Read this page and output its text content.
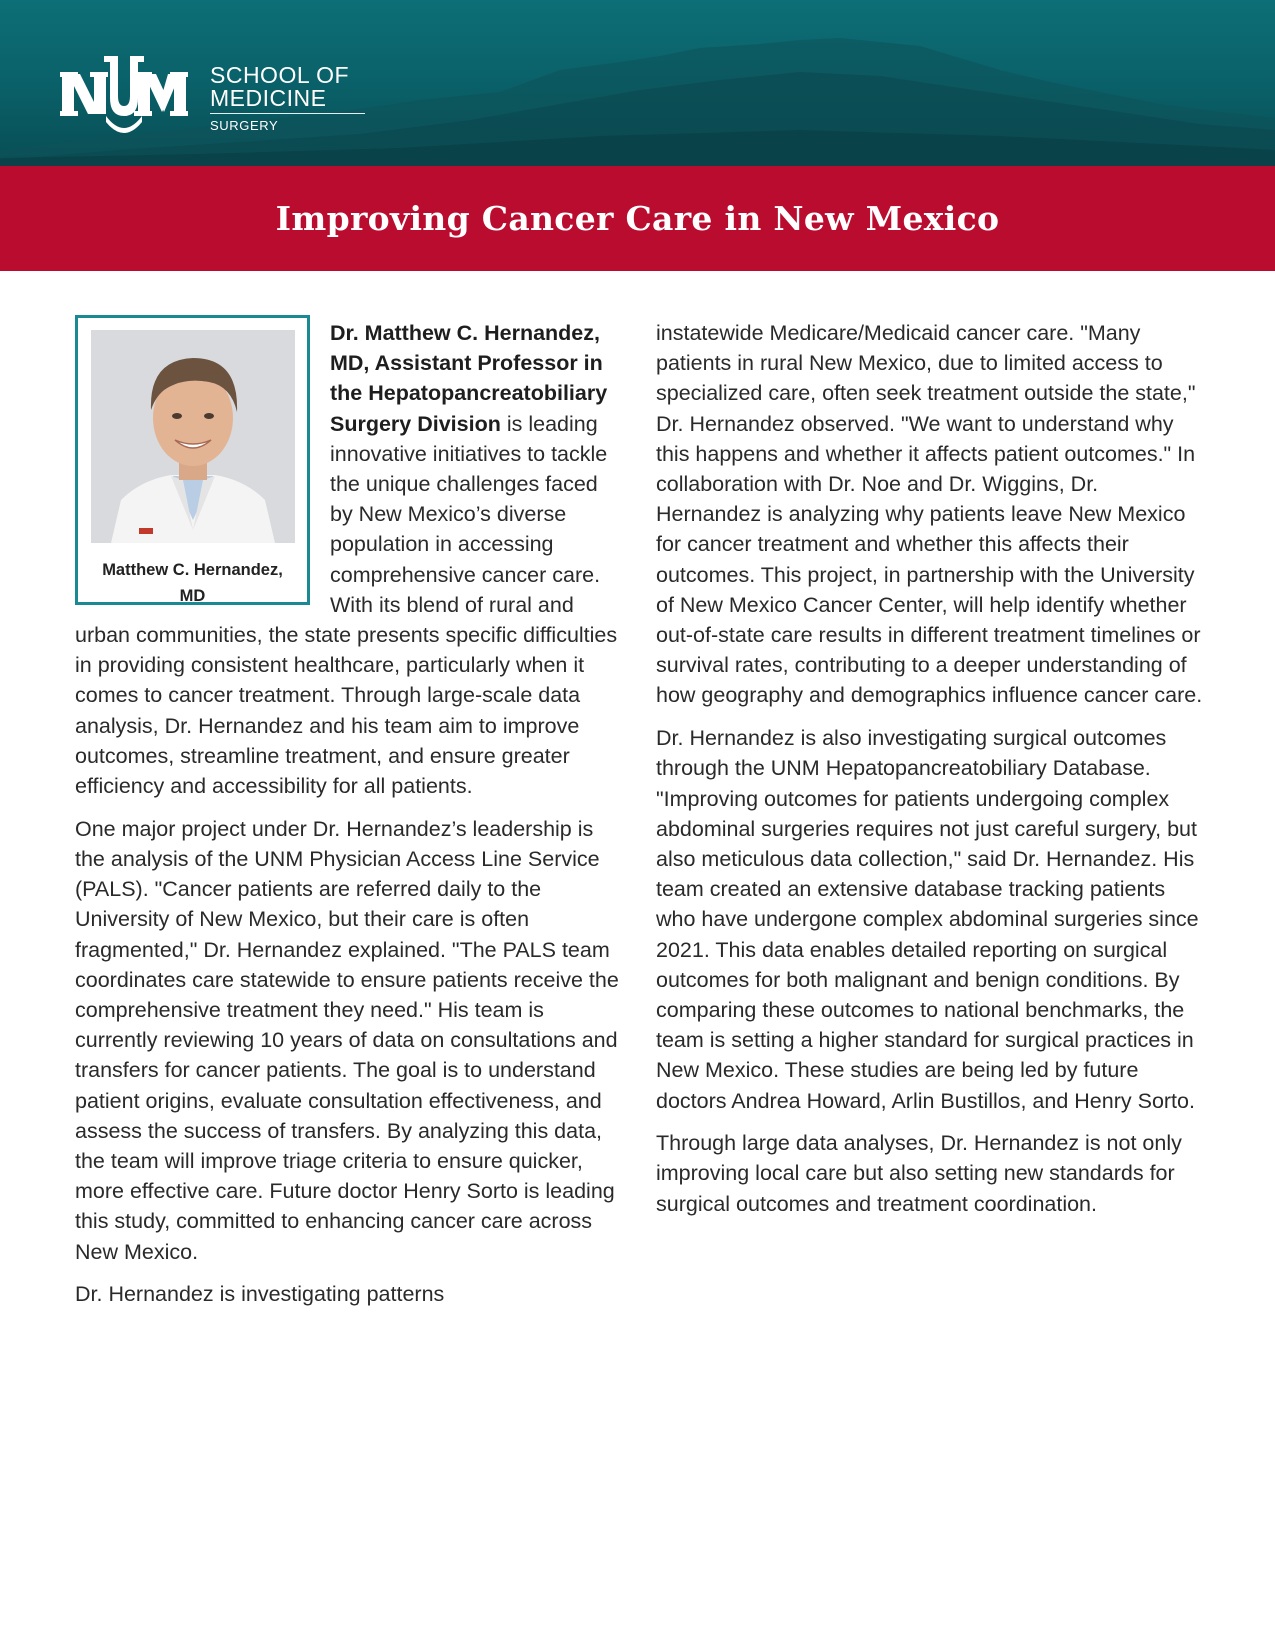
SCHOOL OF
MEDICINE
SURGERY
Improving Cancer Care in New Mexico
Matthew C. Hernandez,
MD

Dr. Matthew C. Hernandez, MD, Assistant Professor in the Hepatopancreatobiliary Surgery Division is leading innovative initiatives to tackle the unique challenges faced by New Mexico’s diverse population in accessing comprehensive cancer care. With its blend of rural and urban communities, the state presents specific difficulties in providing consistent healthcare, particularly when it comes to cancer treatment. Through large-scale data analysis, Dr. Hernandez and his team aim to improve outcomes, streamline treatment, and ensure greater efficiency and accessibility for all patients.

One major project under Dr. Hernandez’s leadership is the analysis of the UNM Physician Access Line Service (PALS). "Cancer patients are referred daily to the University of New Mexico, but their care is often fragmented," Dr. Hernandez explained. "The PALS team coordinates care statewide to ensure patients receive the comprehensive treatment they need." His team is currently reviewing 10 years of data on consultations and transfers for cancer patients. The goal is to understand patient origins, evaluate consultation effectiveness, and assess the success of transfers. By analyzing this data, the team will improve triage criteria to ensure quicker, more effective care. Future doctor Henry Sorto is leading this study, committed to enhancing cancer care across New Mexico.

Dr. Hernandez is investigating patterns

instatewide Medicare/Medicaid cancer care. "Many patients in rural New Mexico, due to limited access to specialized care, often seek treatment outside the state," Dr. Hernandez observed. "We want to understand why this happens and whether it affects patient outcomes." In collaboration with Dr. Noe and Dr. Wiggins, Dr. Hernandez is analyzing why patients leave New Mexico for cancer treatment and whether this affects their outcomes. This project, in partnership with the University of New Mexico Cancer Center, will help identify whether out-of-state care results in different treatment timelines or survival rates, contributing to a deeper understanding of how geography and demographics influence cancer care.

Dr. Hernandez is also investigating surgical outcomes through the UNM Hepatopancreatobiliary Database. "Improving outcomes for patients undergoing complex abdominal surgeries requires not just careful surgery, but also meticulous data collection," said Dr. Hernandez. His team created an extensive database tracking patients who have undergone complex abdominal surgeries since 2021. This data enables detailed reporting on surgical outcomes for both malignant and benign conditions. By comparing these outcomes to national benchmarks, the team is setting a higher standard for surgical practices in New Mexico. These studies are being led by future doctors Andrea Howard, Arlin Bustillos, and Henry Sorto.

Through large data analyses, Dr. Hernandez is not only improving local care but also setting new standards for surgical outcomes and treatment coordination.
